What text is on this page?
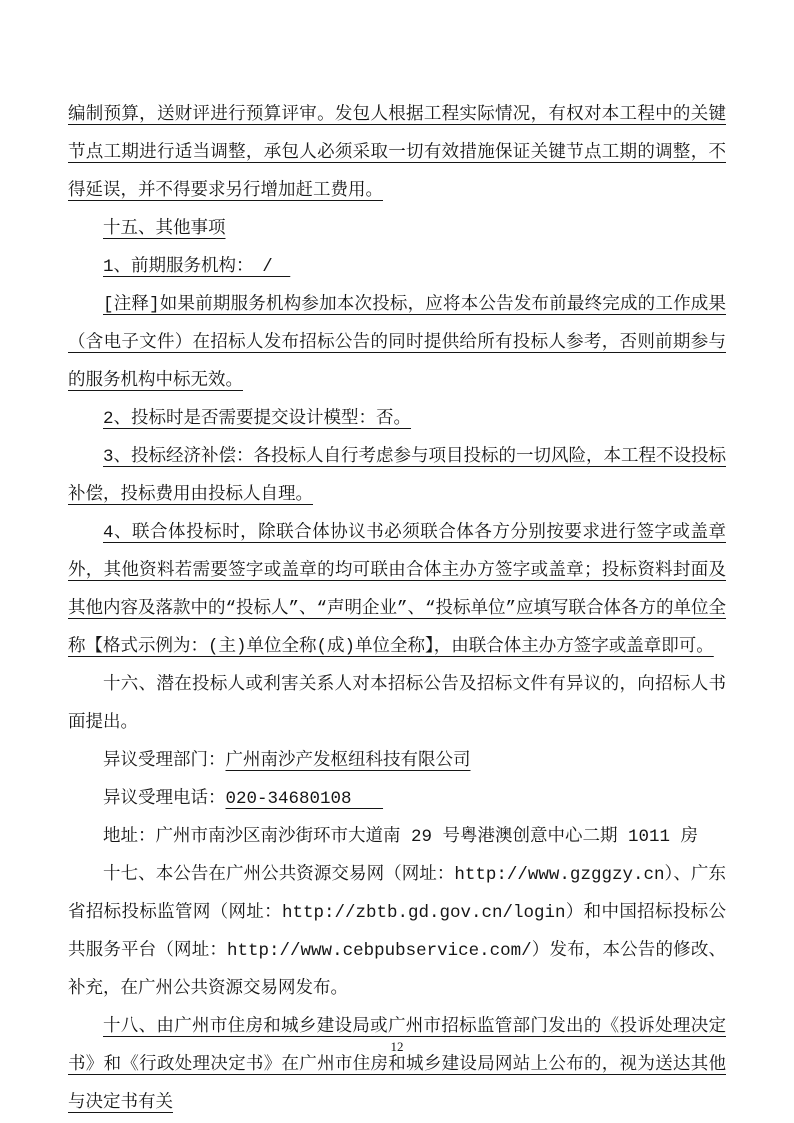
编制预算，送财评进行预算评审。发包人根据工程实际情况，有权对本工程中的关键节点工期进行适当调整，承包人必须采取一切有效措施保证关键节点工期的调整，不得延误，并不得要求另行增加赶工费用。

十五、其他事项

1、前期服务机构：　/　

[注释]如果前期服务机构参加本次投标，应将本公告发布前最终完成的工作成果（含电子文件）在招标人发布招标公告的同时提供给所有投标人参考，否则前期参与的服务机构中标无效。

2、投标时是否需要提交设计模型：否。

3、投标经济补偿：各投标人自行考虑参与项目投标的一切风险，本工程不设投标补偿，投标费用由投标人自理。

4、联合体投标时，除联合体协议书必须联合体各方分别按要求进行签字或盖章外，其他资料若需要签字或盖章的均可联由合体主办方签字或盖章；投标资料封面及其他内容及落款中的“投标人”、“声明企业”、“投标单位”应填写联合体各方的单位全称【格式示例为：(主)单位全称(成)单位全称】，由联合体主办方签字或盖章即可。

十六、潜在投标人或利害关系人对本招标公告及招标文件有异议的，向招标人书面提出。

异议受理部门：广州南沙产发枢纽科技有限公司

异议受理电话：020-34680108

地址：广州市南沙区南沙街环市大道南 29 号粤港澳创意中心二期 1011 房

十七、本公告在广州公共资源交易网（网址：http://www.gzggzy.cn）、广东省招标投标监管网（网址：http://zbtb.gd.gov.cn/login）和中国招标投标公共服务平台（网址：http://www.cebpubservice.com/）发布，本公告的修改、补充，在广州公共资源交易网发布。

十八、由广州市住房和城乡建设局或广州市招标监管部门发出的《投诉处理决定书》和《行政处理决定书》在广州市住房和城乡建设局网站上公布的，视为送达其他与决定书有关

12
